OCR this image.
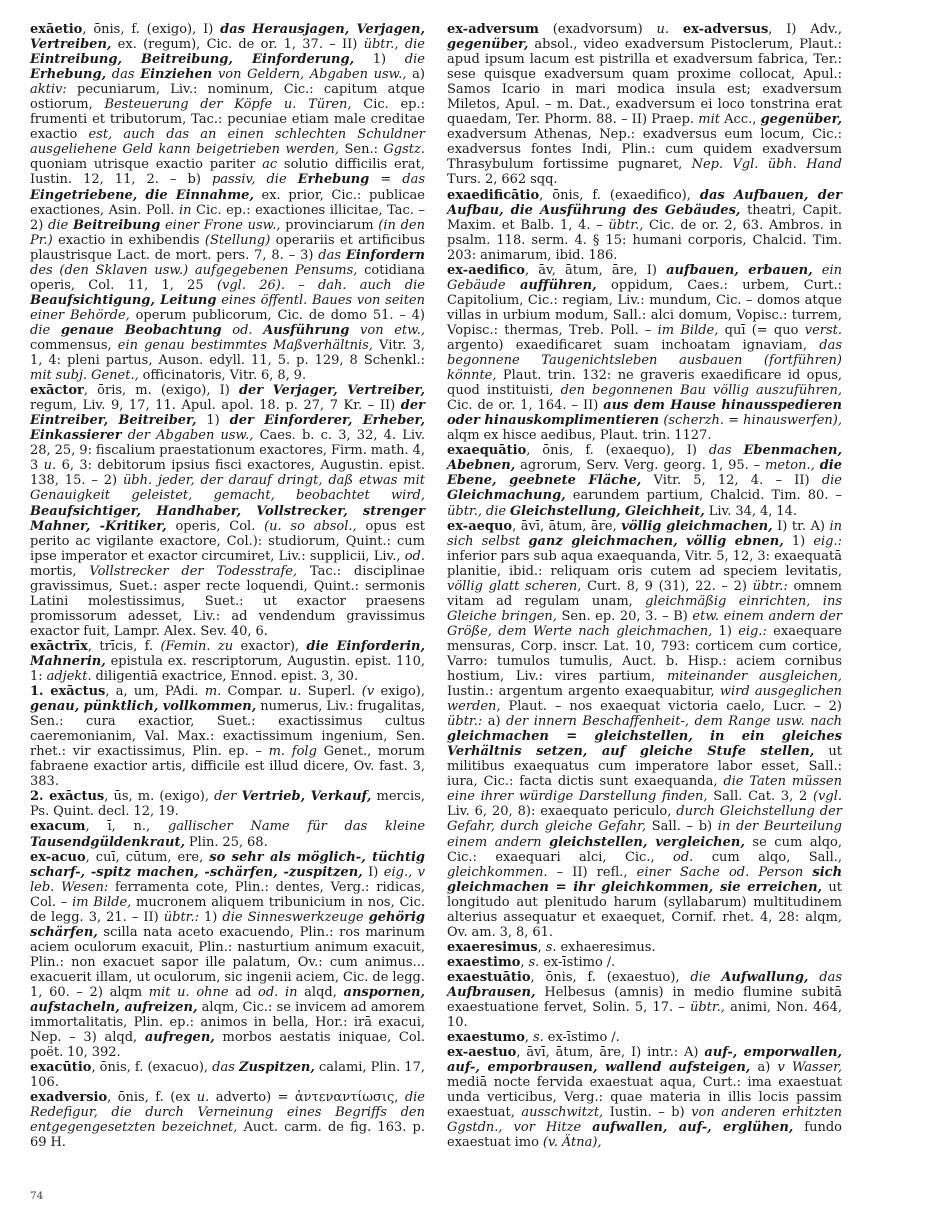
exāetio, ōnis, f. (exigo), I) das Herausjagen, Verjagen, Vertreiben, ex. (regum), Cic. de or. 1, 37. – II) übtr., die Eintreibung, Beitreibung, Einforderung, 1) die Erhebung, das Einziehen von Geldern, Abgaben usw., a) aktiv: pecuniarum, Liv.: nominum, Cic.: capitum atque ostiorum, Besteuerung der Köpfe u. Türen, Cic. ep.: frumenti et tributorum, Tac.: pecuniae etiam male creditae exactio est, auch das an einen schlechten Schuldner ausgeliehene Geld kann beigetrieben werden, Sen.: Ggstz. quoniam utrisque exactio pariter ac solutio difficilis erat, Iustin. 12, 11, 2. – b) passiv, die Erhebung = das Eingetriebene, die Einnahme, ex. prior, Cic.: publicae exactiones, Asin. Poll. in Cic. ep.: exactiones illicitae, Tac. – 2) die Beitreibung einer Frone usw., provinciarum (in den Pr.) exactio in exhibendis (Stellung) operariis et artificibus plaustrisque Lact. de mort. pers. 7, 8. – 3) das Einfordern des (den Sklaven usw.) aufgegebenen Pensums, cotidiana operis, Col. 11, 1, 25 (vgl. 26). – dah. auch die Beaufsichtigung, Leitung eines öffentl. Baues von seiten einer Behörde, operum publicorum, Cic. de domo 51. – 4) die genaue Beobachtung od. Ausführung von etw., commensus, ein genau bestimmtes Maßverhältnis, Vitr. 3, 1, 4: pleni partus, Auson. edyll. 11, 5. p. 129, 8 Schenkl.: mit subj. Genet., officinatoris, Vitr. 6, 8, 9.

exāctor, ōris, m. (exigo), I) der Verjager, Vertreiber, regum, Liv. 9, 17, 11. Apul. apol. 18. p. 27, 7 Kr. – II) der Eintreiber, Beitreiber, 1) der Einforderer, Erheber, Einkassierer der Abgaben usw., Caes. b. c. 3, 32, 4. Liv. 28, 25, 9: fiscalium praestationum exactores, Firm. math. 4, 3 u. 6, 3: debitorum ipsius fisci exactores, Augustin. epist. 138, 15. – 2) übh. jeder, der darauf dringt, daß etwas mit Genauigkeit geleistet, gemacht, beobachtet wird, Beaufsichtiger, Handhaber, Vollstrecker, strenger Mahner, -Kritiker, operis, Col. (u. so absol., opus est perito ac vigilante exactore, Col.): studiorum, Quint.: cum ipse imperator et exactor circumiret, Liv.: supplicii, Liv., od. mortis, Vollstrecker der Todesstrafe, Tac.: disciplinae gravissimus, Suet.: asper recte loquendi, Quint.: sermonis Latini molestissimus, Suet.: ut exactor praesens promissorum adesset, Liv.: ad vendendum gravissimus exactor fuit, Lampr. Alex. Sev. 40, 6.

exāctrīx, trīcis, f. (Femin. zu exactor), die Einforderin, Mahnerin, epistula ex. rescriptorum, Augustin. epist. 110, 1: adjekt. diligentiā exactrice, Ennod. epist. 3, 30.

1. exāctus, a, um, PAdi. m. Compar. u. Superl. (v exigo), genau, pünktlich, vollkommen, numerus, Liv.: frugalitas, Sen.: cura exactior, Suet.: exactissimus cultus caeremonianim, Val. Max.: exactissimum ingenium, Sen. rhet.: vir exactissimus, Plin. ep. – m. folg Genet., morum fabraene exactior artis, difficile est illud dicere, Ov. fast. 3, 383.

2. exāctus, ūs, m. (exigo), der Vertrieb, Verkauf, mercis, Ps. Quint. decl. 12, 19.

exacum, ī, n., gallischer Name für das kleine Tausendgüldenkraut, Plin. 25, 68.

ex-acuo, cuī, cūtum, ere, so sehr als möglich-, tüchtig scharf-, -spitz machen, -schärfen, -zuspitzen, I) eig., v leb. Wesen: ferramenta cote, Plin.: dentes, Verg.: ridicas, Col. – im Bilde, mucronem aliquem tribunicium in nos, Cic. de legg. 3, 21. – II) übtr.: 1) die Sinneswerkzeuge gehörig schärfen, scilla nata aceto exacuendo, Plin.: ros marinum aciem oculorum exacuit, Plin.: nasturtium animum exacuit, Plin.: non exacuet sapor ille palatum, Ov.: cum animus... exacuerit illam, ut oculorum, sic ingenii aciem, Cic. de legg. 1, 60. – 2) alqm mit u. ohne ad od. in alqd, anspornen, aufstacheln, aufreizen, alqm, Cic.: se invicem ad amorem immortalitatis, Plin. ep.: animos in bella, Hor.: irā exacui, Nep. – 3) alqd, aufregen, morbos aestatis iniquae, Col. poët. 10, 392.

exacūtio, ōnis, f. (exacuo), das Zuspitzen, calami, Plin. 17, 106.

exadversio, ōnis, f. (ex u. adverto) = ἀντεναντίωσις, die Redefigur, die durch Verneinung eines Begriffs den entgegengesetzten bezeichnet, Auct. carm. de fig. 163. p. 69 H.

ex-adversum (exadvorsum) u. ex-adversus, I) Adv., gegenüber, absol., video exadversum Pistoclerum, Plaut.: apud ipsum lacum est pistrilla et exadversum fabrica, Ter.: sese quisque exadversum quam proxime collocat, Apul.: Samos Icario in mari modica insula est; exadversum Miletos, Apul. – m. Dat., exadversum ei loco tonstrina erat quaedam, Ter. Phorm. 88. – II) Praep. mit Acc., gegenüber, exadversum Athenas, Nep.: exadversus eum locum, Cic.: exadversus fontes Indi, Plin.: cum quidem exadversum Thrasybulum fortissime pugnaret, Nep. Vgl. übh. Hand Turs. 2, 662 sqq.

exaedificātio, ōnis, f. (exaedifico), das Aufbauen, der Aufbau, die Ausführung des Gebäudes, theatri, Capit. Maxim. et Balb. 1, 4. – übtr., Cic. de or. 2, 63. Ambros. in psalm. 118. serm. 4. § 15: humani corporis, Chalcid. Tim. 203: animarum, ibid. 186.

ex-aedifico, āv, ātum, āre, I) aufbauen, erbauen, ein Gebäude aufführen, oppidum, Caes.: urbem, Curt.: Capitolium, Cic.: regiam, Liv.: mundum, Cic. – domos atque villas in urbium modum, Sall.: alci domum, Vopisc.: turrem, Vopisc.: thermas, Treb. Poll. – im Bilde, quī (= quo verst. argento) exaedificaret suam inchoatam ignaviam, das begonnene Taugenichtsleben ausbauen (fortführen) könnte, Plaut. trin. 132: ne graveris exaedificare id opus, quod instituisti, den begonnenen Bau völlig auszuführen, Cic. de or. 1, 164. – II) aus dem Hause hinausspedieren oder hinauskomplimentieren (scherzh. = hinauswerfen), alqm ex hisce aedibus, Plaut. trin. 1127.

exaequātio, ōnis, f. (exaequo), I) das Ebenmachen, Abebnen, agrorum, Serv. Verg. georg. 1, 95. – meton., die Ebene, geebnete Fläche, Vitr. 5, 12, 4. – II) die Gleichmachung, earundem partium, Chalcid. Tim. 80. – übtr., die Gleichstellung, Gleichheit, Liv. 34, 4, 14.

ex-aequo, āvī, ātum, āre, völlig gleichmachen, I) tr. A) in sich selbst ganz gleichmachen, völlig ebnen, 1) eig.: inferior pars sub aqua exaequanda, Vitr. 5, 12, 3: exaequatā planitie, ibid.: reliquam oris cutem ad speciem levitatis, völlig glatt scheren, Curt. 8, 9 (31), 22. – 2) übtr.: omnem vitam ad regulam unam, gleichmäßig einrichten, ins Gleiche bringen, Sen. ep. 20, 3. – B) etw. einem andern der Größe, dem Werte nach gleichmachen, 1) eig.: exaequare mensuras, Corp. inscr. Lat. 10, 793: corticem cum cortice, Varro: tumulos tumulis, Auct. b. Hisp.: aciem cornibus hostium, Liv.: vires partium, miteinander ausgleichen, Iustin.: argentum argento exaequabitur, wird ausgeglichen werden, Plaut. – nos exaequat victoria caelo, Lucr. – 2) übtr.: a) der innern Beschaffenheit-, dem Range usw. nach gleichmachen = gleichstellen, in ein gleiches Verhältnis setzen, auf gleiche Stufe stellen, ut militibus exaequatus cum imperatore labor esset, Sall.: iura, Cic.: facta dictis sunt exaequanda, die Taten müssen eine ihrer würdige Darstellung finden, Sall. Cat. 3, 2 (vgl. Liv. 6, 20, 8): exaequato periculo, durch Gleichstellung der Gefahr, durch gleiche Gefahr, Sall. – b) in der Beurteilung einem andern gleichstellen, vergleichen, se cum alqo, Cic.: exaequari alci, Cic., od. cum alqo, Sall., gleichkommen. – II) refl., einer Sache od. Person sich gleichmachen = ihr gleichkommen, sie erreichen, ut longitudo aut plenitudo harum (syllabarum) multitudinem alterius assequatur et exaequet, Cornif. rhet. 4, 28: alqm, Ov. am. 3, 8, 61.

exaeresimus, s. exhaeresimus.

exaestimo, s. ex-īstimo /.

exaestuātio, ōnis, f. (exaestuo), die Aufwallung, das Aufbrausen, Helbesus (amnis) in medio flumine subitā exaestuatione fervet, Solin. 5, 17. – übtr., animi, Non. 464, 10.

exaestumo, s. ex-īstimo /.

ex-aestuo, āvī, ātum, āre, I) intr.: A) auf-, emporwallen, auf-, emporbrausen, wallend aufsteigen, a) v Wasser, mediā nocte fervida exaestuat aqua, Curt.: ima exaestuat unda verticibus, Verg.: quae materia in illis locis passim exaestuat, ausschwitzt, Iustin. – b) von anderen erhitzten Ggstdn., vor Hitze aufwallen, auf-, erglühen, fundo exaestuat imo (v. Ätna),

74
